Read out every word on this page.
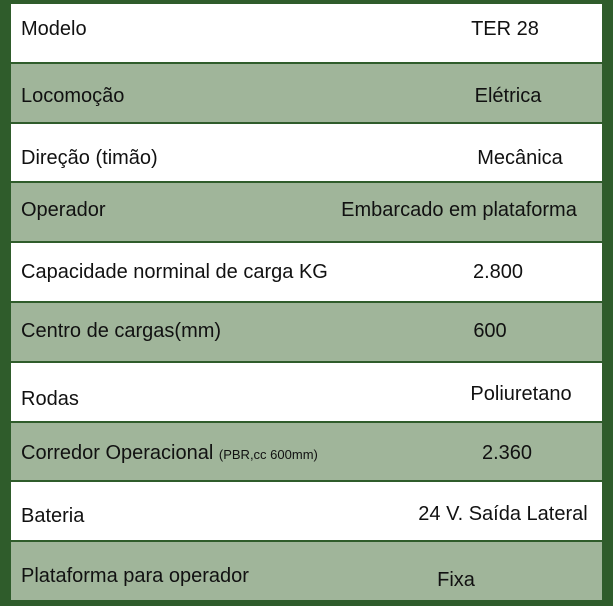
Modelo	TER 28
Locomoção	Elétrica
Direção (timão)	Mecânica
Operador	Embarcado em plataforma
Capacidade norminal de carga KG	2.800
Centro de cargas(mm)	600
Rodas	Poliuretano
Corredor Operacional (PBR,cc 600mm)	2.360
Bateria	24 V. Saída Lateral
Plataforma para operador	Fixa
